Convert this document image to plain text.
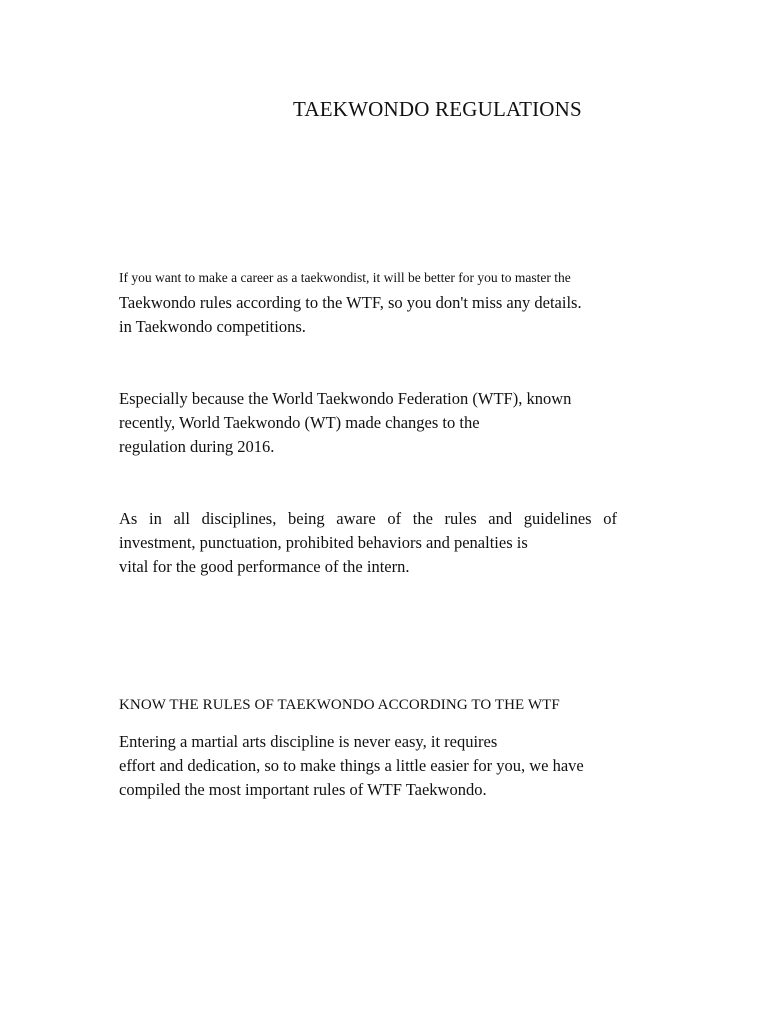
TAEKWONDO REGULATIONS
If you want to make a career as a taekwondist, it will be better for you to master the
Taekwondo rules according to the WTF, so you don't miss any details.
in Taekwondo competitions.
Especially because the World Taekwondo Federation (WTF), known
recently, World Taekwondo (WT) made changes to the
regulation during 2016.
As in all disciplines, being aware of the rules and guidelines of
investment, punctuation, prohibited behaviors and penalties is
vital for the good performance of the intern.
KNOW THE RULES OF TAEKWONDO ACCORDING TO THE WTF
Entering a martial arts discipline is never easy, it requires
effort and dedication, so to make things a little easier for you, we have
compiled the most important rules of WTF Taekwondo.
